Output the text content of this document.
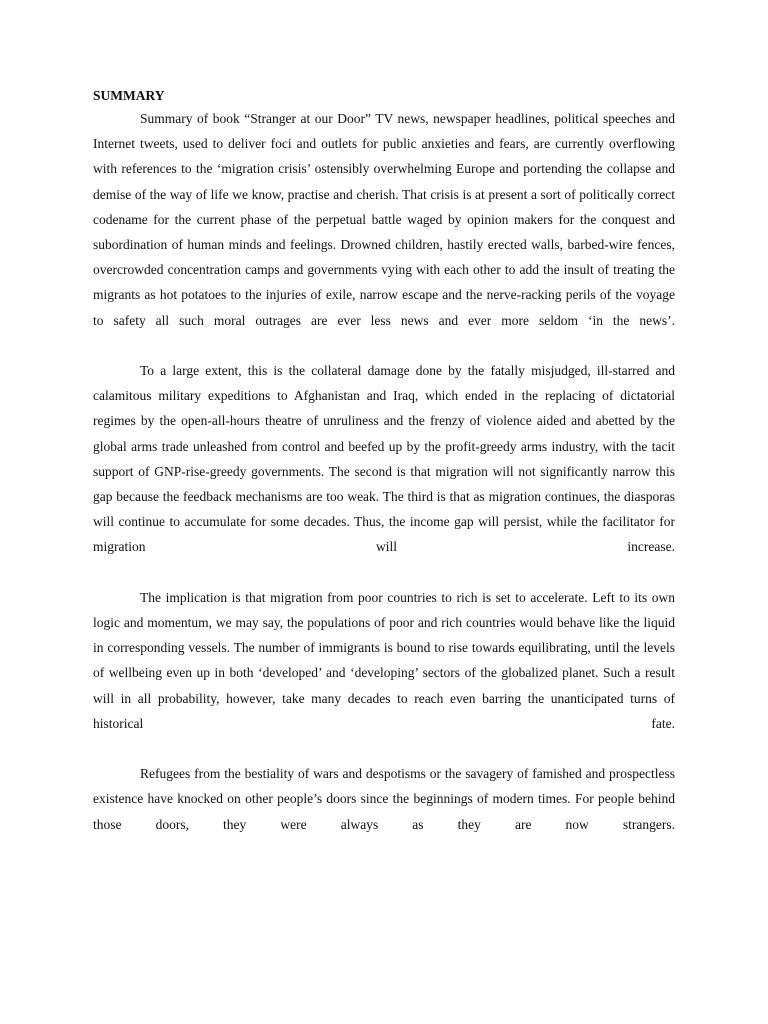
SUMMARY

Summary of book “Stranger at our Door” TV news, newspaper headlines, political speeches and Internet tweets, used to deliver foci and outlets for public anxieties and fears, are currently overflowing with references to the ‘migration crisis’ ostensibly overwhelming Europe and portending the collapse and demise of the way of life we know, practise and cherish. That crisis is at present a sort of politically correct codename for the current phase of the perpetual battle waged by opinion makers for the conquest and subordination of human minds and feelings. Drowned children, hastily erected walls, barbed-wire fences, overcrowded concentration camps and governments vying with each other to add the insult of treating the migrants as hot potatoes to the injuries of exile, narrow escape and the nerve-racking perils of the voyage to safety all such moral outrages are ever less news and ever more seldom ‘in the news’.

To a large extent, this is the collateral damage done by the fatally misjudged, ill-starred and calamitous military expeditions to Afghanistan and Iraq, which ended in the replacing of dictatorial regimes by the open-all-hours theatre of unruliness and the frenzy of violence aided and abetted by the global arms trade unleashed from control and beefed up by the profit-greedy arms industry, with the tacit support of GNP-rise-greedy governments. The second is that migration will not significantly narrow this gap because the feedback mechanisms are too weak. The third is that as migration continues, the diasporas will continue to accumulate for some decades. Thus, the income gap will persist, while the facilitator for migration will increase.

The implication is that migration from poor countries to rich is set to accelerate. Left to its own logic and momentum, we may say, the populations of poor and rich countries would behave like the liquid in corresponding vessels. The number of immigrants is bound to rise towards equilibrating, until the levels of wellbeing even up in both ‘developed’ and ‘developing’ sectors of the globalized planet. Such a result will in all probability, however, take many decades to reach even barring the unanticipated turns of historical fate.

Refugees from the bestiality of wars and despotisms or the savagery of famished and prospectless existence have knocked on other people’s doors since the beginnings of modern times. For people behind those doors, they were always as they are now strangers.
